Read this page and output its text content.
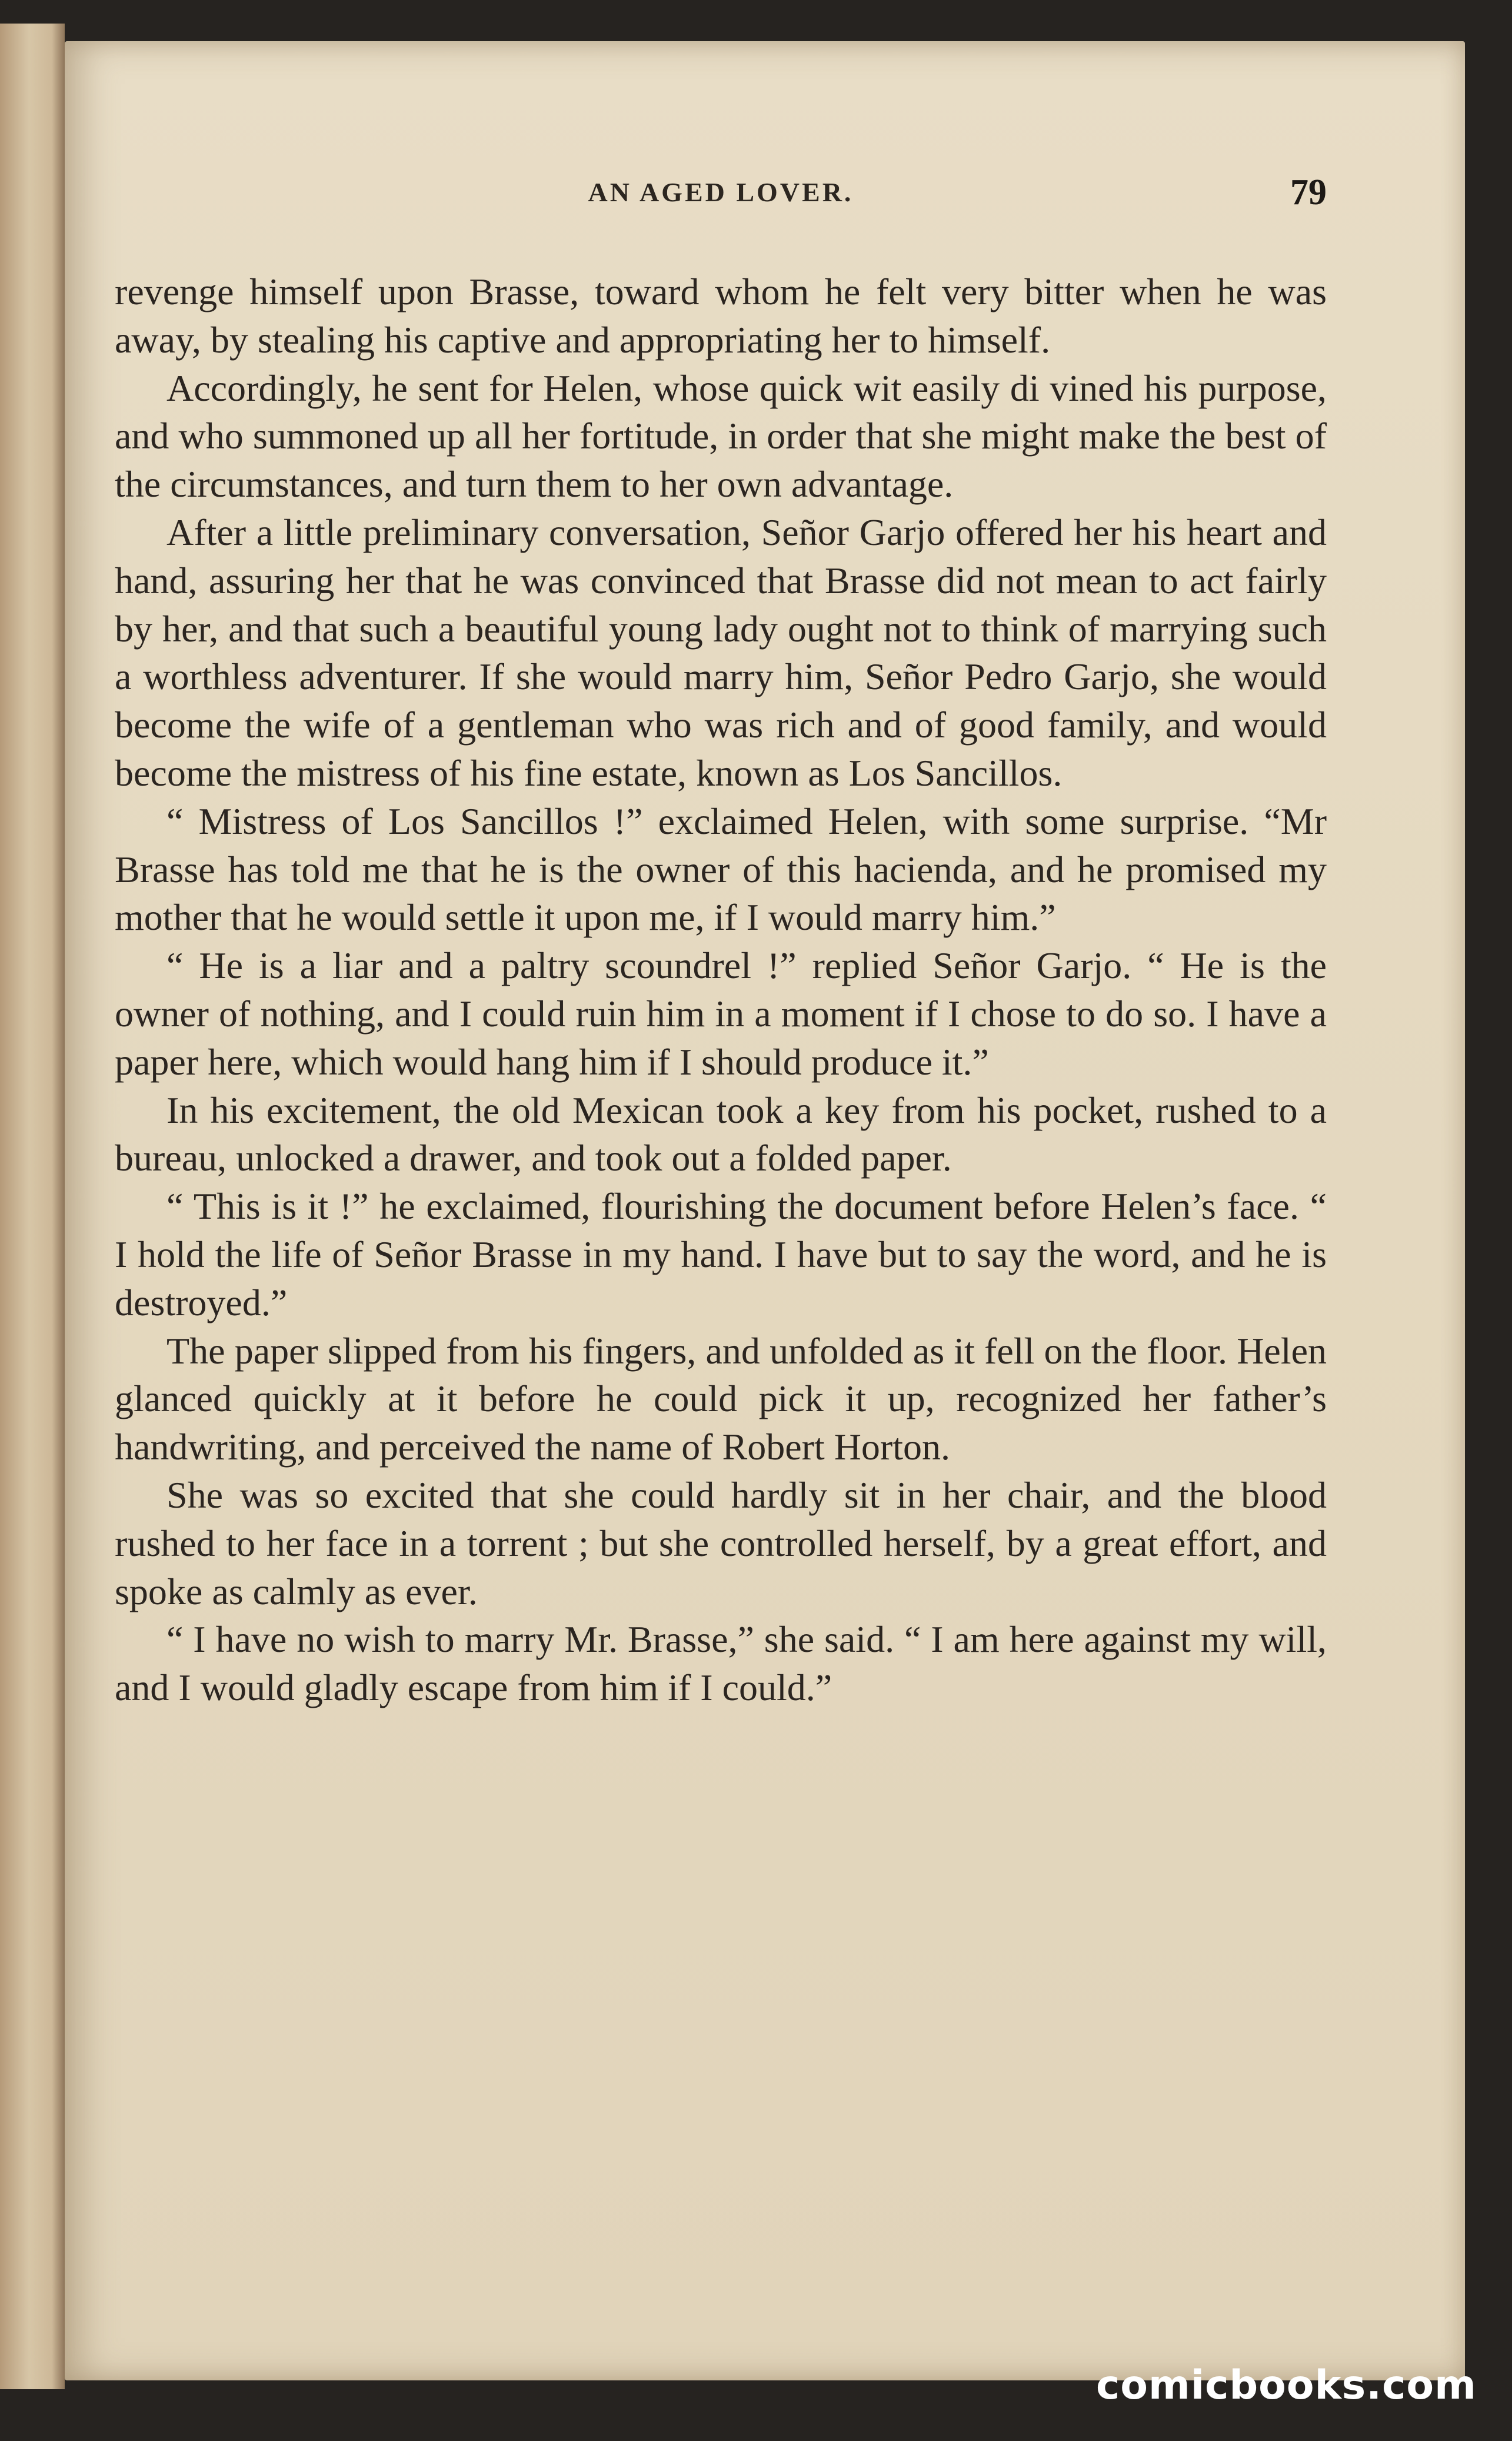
AN AGED LOVER.	79

revenge himself upon Brasse, toward whom he felt very bitter when he was away, by stealing his captive and appropriating her to himself.

Accordingly, he sent for Helen, whose quick wit easily di vined his purpose, and who summoned up all her fortitude, in order that she might make the best of the circumstances, and turn them to her own advantage.

After a little preliminary conversation, Señor Garjo offered her his heart and hand, assuring her that he was convinced that Brasse did not mean to act fairly by her, and that such a beautiful young lady ought not to think of marrying such a worthless adventurer. If she would marry him, Señor Pedro Garjo, she would become the wife of a gentleman who was rich and of good family, and would become the mistress of his fine estate, known as Los Sancillos.

“ Mistress of Los Sancillos !” exclaimed Helen, with some surprise. “Mr Brasse has told me that he is the owner of this hacienda, and he promised my mother that he would settle it upon me, if I would marry him.”

“ He is a liar and a paltry scoundrel !” replied Señor Garjo. “ He is the owner of nothing, and I could ruin him in a moment if I chose to do so. I have a paper here, which would hang him if I should produce it.”

In his excitement, the old Mexican took a key from his pocket, rushed to a bureau, unlocked a drawer, and took out a folded paper.

“ This is it !” he exclaimed, flourishing the document before Helen’s face. “ I hold the life of Señor Brasse in my hand. I have but to say the word, and he is destroyed.”

The paper slipped from his fingers, and unfolded as it fell on the floor. Helen glanced quickly at it before he could pick it up, recognized her father’s handwriting, and perceived the name of Robert Horton.

She was so excited that she could hardly sit in her chair, and the blood rushed to her face in a torrent ; but she controlled herself, by a great effort, and spoke as calmly as ever.

“ I have no wish to marry Mr. Brasse,” she said. “ I am here against my will, and I would gladly escape from him if I could.”

comicbooks.com
